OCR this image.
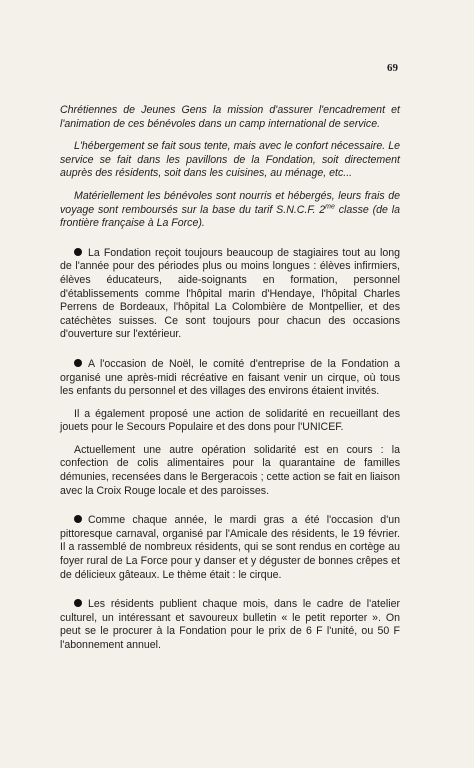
69

Chrétiennes de Jeunes Gens la mission d'assurer l'encadrement et l'animation de ces bénévoles dans un camp international de service.

L'hébergement se fait sous tente, mais avec le confort nécessaire. Le service se fait dans les pavillons de la Fondation, soit directement auprès des résidents, soit dans les cuisines, au ménage, etc...

Matériellement les bénévoles sont nourris et hébergés, leurs frais de voyage sont remboursés sur la base du tarif S.N.C.F. $2^{me}$ classe (de la frontière française à La Force).

La Fondation reçoit toujours beaucoup de stagiaires tout au long de l'année pour des périodes plus ou moins longues : élèves infirmiers, élèves éducateurs, aide-soignants en formation, personnel d'établissements comme l'hôpital marin d'Hendaye, l'hôpital Charles Perrens de Bordeaux, l'hôpital La Colombière de Montpellier, et des catéchètes suisses. Ce sont toujours pour chacun des occasions d'ouverture sur l'extérieur.

A l'occasion de Noël, le comité d'entreprise de la Fondation a organisé une après-midi récréative en faisant venir un cirque, où tous les enfants du personnel et des villages des environs étaient invités.

Il a également proposé une action de solidarité en recueillant des jouets pour le Secours Populaire et des dons pour l'UNICEF.

Actuellement une autre opération solidarité est en cours : la confection de colis alimentaires pour la quarantaine de familles démunies, recensées dans le Bergeracois ; cette action se fait en liaison avec la Croix Rouge locale et des paroisses.

Comme chaque année, le mardi gras a été l'occasion d'un pittoresque carnaval, organisé par l'Amicale des résidents, le 19 février. Il a rassemblé de nombreux résidents, qui se sont rendus en cortège au foyer rural de La Force pour y danser et y déguster de bonnes crêpes et de délicieux gâteaux. Le thème était : le cirque.

Les résidents publient chaque mois, dans le cadre de l'atelier culturel, un intéressant et savoureux bulletin « le petit reporter ». On peut se le procurer à la Fondation pour le prix de 6 F l'unité, ou 50 F l'abonnement annuel.
